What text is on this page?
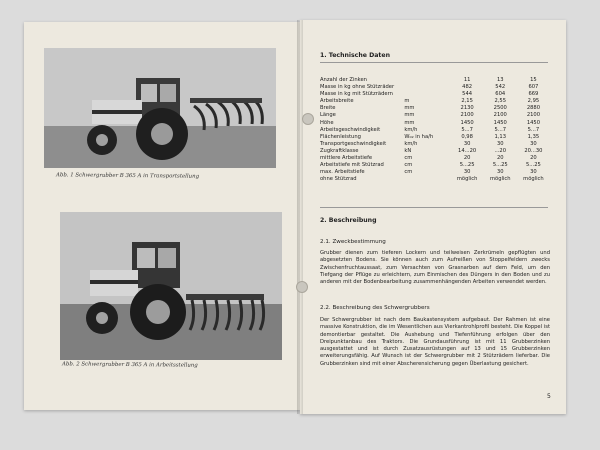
Abb. 1 Schwergrubber B 365 A in Transportstellung
Abb. 2 Schwergrubber B 365 A in Arbeitsstellung
1. Technische Daten
Anzahl der Zinken		11	13	15
Masse in kg ohne Stützräder		482	542	607
Masse in kg mit Stützrädern		544	604	669
Arbeitsbreite	m	2,15	2,55	2,95
Breite	mm	2130	2500	2880
Länge	mm	2100	2100	2100
Höhe	mm	1450	1450	1450
Arbeitsgeschwindigkeit	km/h	5...7	5...7	5...7
Flächenleistung	W₀₂ in ha/h	0,98	1,13	1,35
Transportgeschwindigkeit	km/h	30	30	30
Zugkraftklasse	kN	14...20	...20	20...30
mittlere Arbeitstiefe	cm	20	20	20
Arbeitstiefe mit Stützrad	cm	5...25	5...25	5...25
max. Arbeitstiefe	cm	30	30	30
ohne Stützrad		möglich	möglich	möglich
2. Beschreibung
2.1. Zweckbestimmung
Grubber dienen zum tieferen Lockern und teilweisen Zerkrümeln gepflügten und abgesetzten Bodens. Sie können auch zum Aufreißen von Stoppelfeldern zwecks Zwischenfruchtaussaat, zum Versachten von Grasnarben auf dem Feld, um den Tiefgang der Pflüge zu erleichtern, zum Einmischen des Düngers in den Boden und zu anderen mit der Bodenbearbeitung zusammenhängenden Arbeiten verwendet werden.
2.2. Beschreibung des Schwergrubbers
Der Schwergrubber ist nach dem Baukastensystem aufgebaut. Der Rahmen ist eine massive Konstruktion, die im Wesentlichen aus Vierkantrohlprofil besteht. Die Koppel ist demontierbar gestaltet. Die Aushebung und Tiefenführung erfolgen über den Dreipunktanbau des Traktors. Die Grundausführung ist mit 11 Grubberzinken ausgestattet und ist durch Zusatzausrüstungen auf 13 und 15 Grubberzinken erweiterungsfähig. Auf Wunsch ist der Schwergrubber mit 2 Stützrädern lieferbar. Die Grubberzinken sind mit einer Abscherensicherung gegen Überlastung gesichert.
5
